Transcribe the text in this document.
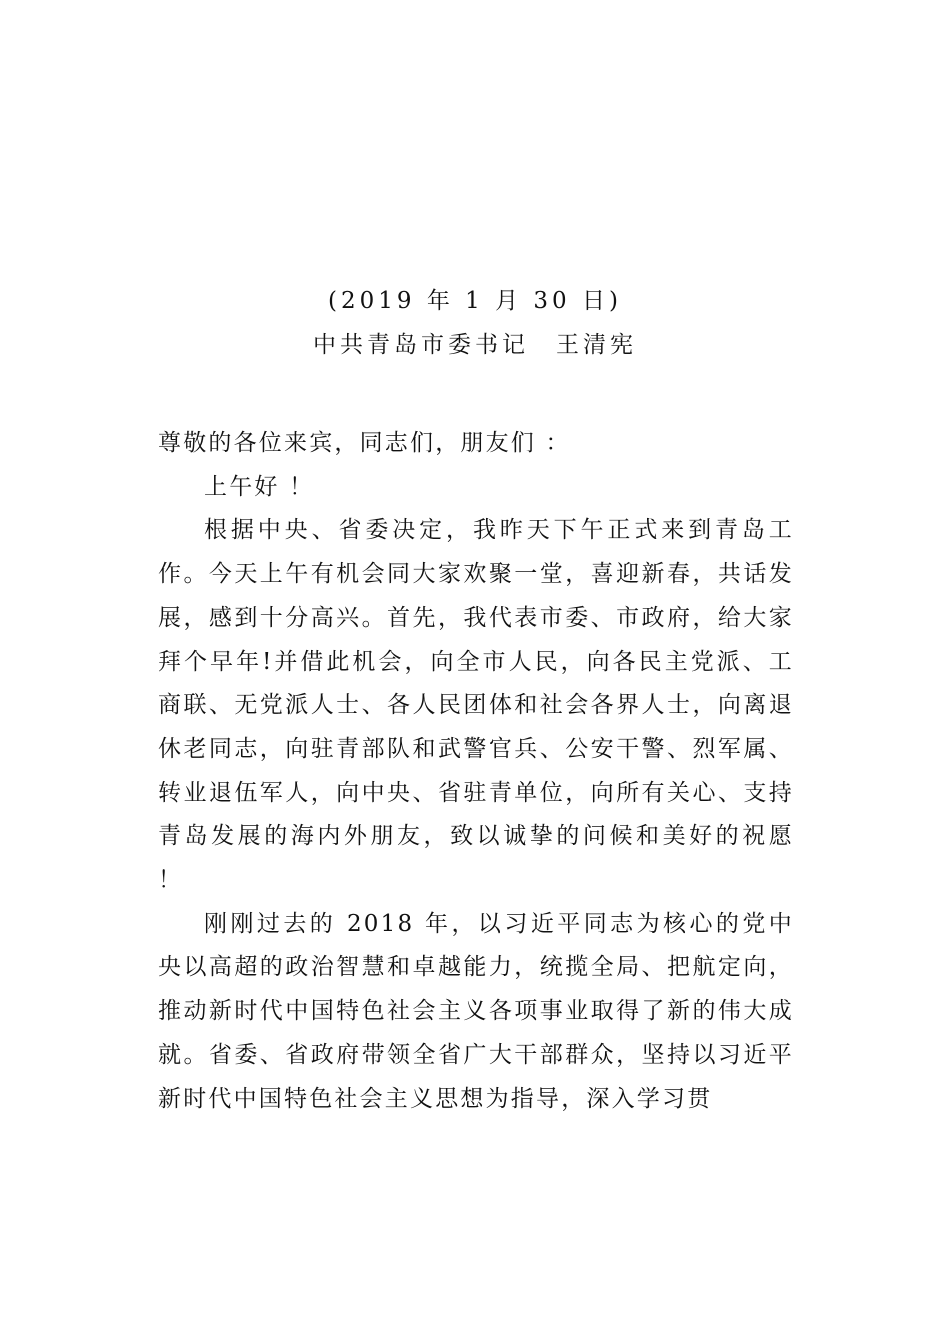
(2019 年 1 月 30 日)
中共青岛市委书记　王清宪

尊敬的各位来宾，同志们，朋友们 ：

上午好 ！

根据中央、省委决定，我昨天下午正式来到青岛工作。今天上午有机会同大家欢聚一堂，喜迎新春，共话发展，感到十分高兴。首先，我代表市委、市政府，给大家拜个早年!并借此机会，向全市人民，向各民主党派、工商联、无党派人士、各人民团体和社会各界人士，向离退休老同志，向驻青部队和武警官兵、公安干警、烈军属、转业退伍军人，向中央、省驻青单位，向所有关心、支持青岛发展的海内外朋友，致以诚挚的问候和美好的祝愿 ！

刚刚过去的 2018 年，以习近平同志为核心的党中央以高超的政治智慧和卓越能力，统揽全局、把航定向，推动新时代中国特色社会主义各项事业取得了新的伟大成就。省委、省政府带领全省广大干部群众，坚持以习近平新时代中国特色社会主义思想为指导，深入学习贯
